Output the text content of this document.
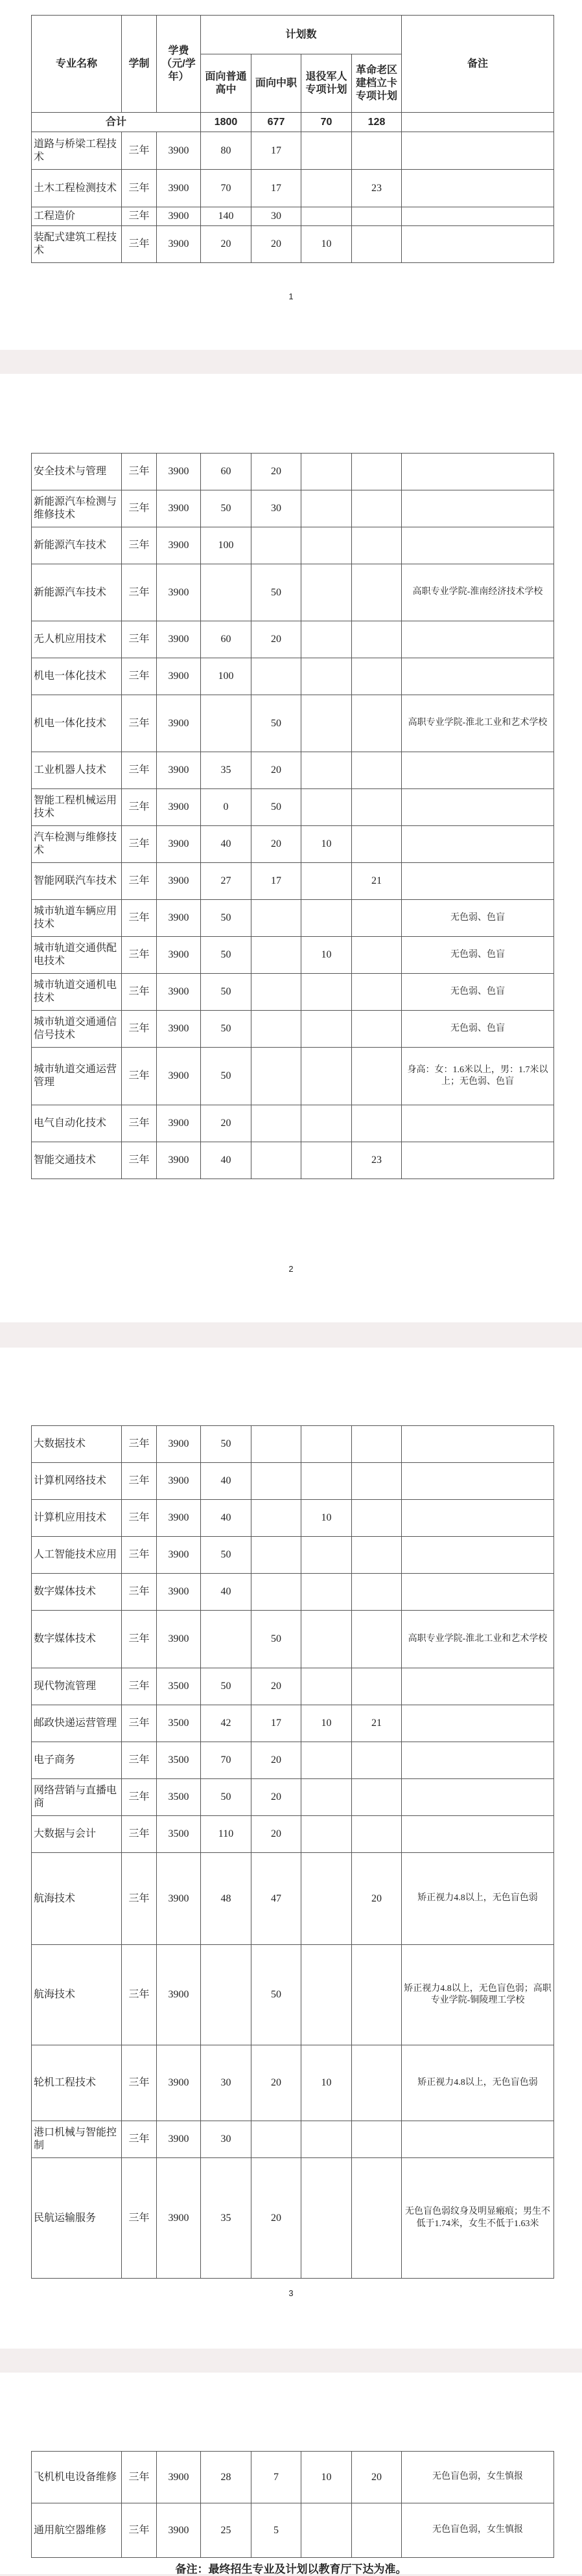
专业名称	学制	学费（元/学年）	计划数				备注
			面向普通高中	面向中职	退役军人专项计划	革命老区建档立卡专项计划	
合计			1800	677	70	128	
道路与桥梁工程技术	三年	3900	80	17			
土木工程检测技术	三年	3900	70	17		23	
工程造价	三年	3900	140	30			
装配式建筑工程技术	三年	3900	20	20	10		
1
安全技术与管理	三年	3900	60	20			
新能源汽车检测与维修技术	三年	3900	50	30			
新能源汽车技术	三年	3900	100				
新能源汽车技术	三年	3900		50			高职专业学院-淮南经济技术学校
无人机应用技术	三年	3900	60	20			
机电一体化技术	三年	3900	100				
机电一体化技术	三年	3900		50			高职专业学院-淮北工业和艺术学校
工业机器人技术	三年	3900	35	20			
智能工程机械运用技术	三年	3900	0	50			
汽车检测与维修技术	三年	3900	40	20	10		
智能网联汽车技术	三年	3900	27	17		21	
城市轨道车辆应用技术	三年	3900	50				无色弱、色盲
城市轨道交通供配电技术	三年	3900	50		10		无色弱、色盲
城市轨道交通机电技术	三年	3900	50				无色弱、色盲
城市轨道交通通信信号技术	三年	3900	50				无色弱、色盲
城市轨道交通运营管理	三年	3900	50				身高：女：1.6米以上，男：1.7米以上；无色弱、色盲
电气自动化技术	三年	3900	20				
智能交通技术	三年	3900	40			23	
2
大数据技术	三年	3900	50				
计算机网络技术	三年	3900	40				
计算机应用技术	三年	3900	40		10		
人工智能技术应用	三年	3900	50				
数字媒体技术	三年	3900	40				
数字媒体技术	三年	3900		50			高职专业学院-淮北工业和艺术学校
现代物流管理	三年	3500	50	20			
邮政快递运营管理	三年	3500	42	17	10	21	
电子商务	三年	3500	70	20			
网络营销与直播电商	三年	3500	50	20			
大数据与会计	三年	3500	110	20			
航海技术	三年	3900	48	47		20	矫正视力4.8以上，无色盲色弱
航海技术	三年	3900		50			矫正视力4.8以上，无色盲色弱；高职专业学院-铜陵理工学校
轮机工程技术	三年	3900	30	20	10		矫正视力4.8以上，无色盲色弱
港口机械与智能控制	三年	3900	30				
民航运输服务	三年	3900	35	20			无色盲色弱纹身及明显瘢痕；男生不低于1.74米，女生不低于1.63米
3
飞机机电设备维修	三年	3900	28	7	10	20	无色盲色弱，女生慎报
通用航空器维修	三年	3900	25	5			无色盲色弱，女生慎报
备注：最终招生专业及计划以教育厅下达为准。
